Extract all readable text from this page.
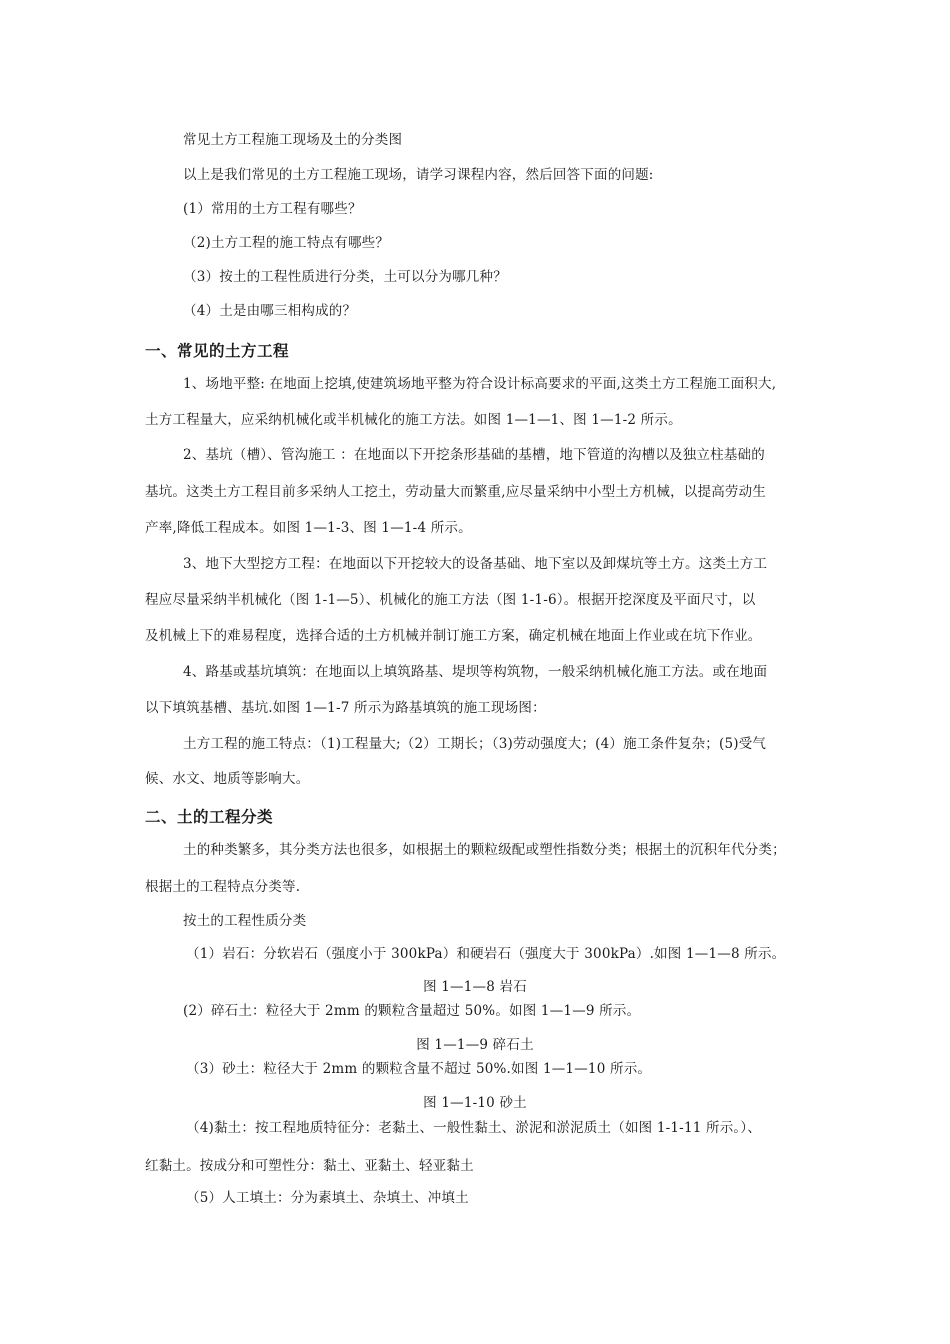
常见土方工程施工现场及土的分类图
以上是我们常见的土方工程施工现场，请学习课程内容，然后回答下面的问题:
(1）常用的土方工程有哪些？
（2)土方工程的施工特点有哪些？
（3）按土的工程性质进行分类，土可以分为哪几种？
（4）土是由哪三相构成的？
一、常见的土方工程
1、场地平整: 在地面上挖填,使建筑场地平整为符合设计标高要求的平面,这类土方工程施工面积大,
土方工程量大，应采纳机械化或半机械化的施工方法。如图 1—1—1、图 1—1-2 所示。
2、基坑（槽）、管沟施工 ：在地面以下开挖条形基础的基槽，地下管道的沟槽以及独立柱基础的
基坑。这类土方工程目前多采纳人工挖土，劳动量大而繁重,应尽量采纳中小型土方机械，以提高劳动生
产率,降低工程成本。如图 1—1-3、图 1—1-4 所示。
3、地下大型挖方工程：在地面以下开挖较大的设备基础、地下室以及卸煤坑等土方。这类土方工
程应尽量采纳半机械化（图 1-1—5）、机械化的施工方法（图 1-1-6）。根据开挖深度及平面尺寸，以
及机械上下的难易程度，选择合适的土方机械并制订施工方案，确定机械在地面上作业或在坑下作业。
4、路基或基坑填筑：在地面以上填筑路基、堤坝等构筑物，一般采纳机械化施工方法。或在地面
以下填筑基槽、基坑.如图 1—1-7 所示为路基填筑的施工现场图：
土方工程的施工特点：（1)工程量大;（2）工期长；（3)劳动强度大；(4）施工条件复杂；(5)受气
候、水文、地质等影响大。
二、土的工程分类
土的种类繁多，其分类方法也很多，如根据土的颗粒级配或塑性指数分类；根据土的沉积年代分类；
根据土的工程特点分类等.
按土的工程性质分类
（1）岩石：分软岩石（强度小于 300kPa）和硬岩石（强度大于 300kPa）.如图 1—1—8 所示。
图 1—1—8 岩石
(2）碎石土：粒径大于 2mm 的颗粒含量超过 50%。如图 1—1—9 所示。
图 1—1—9 碎石土
（3）砂土：粒径大于 2mm 的颗粒含量不超过 50%.如图 1—1—10 所示。
图 1—1-10 砂土
（4)黏土：按工程地质特征分：老黏土、一般性黏土、淤泥和淤泥质土（如图 1-1-11 所示。）、
红黏土。按成分和可塑性分：黏土、亚黏土、轻亚黏土
（5）人工填土：分为素填土、杂填土、冲填土
